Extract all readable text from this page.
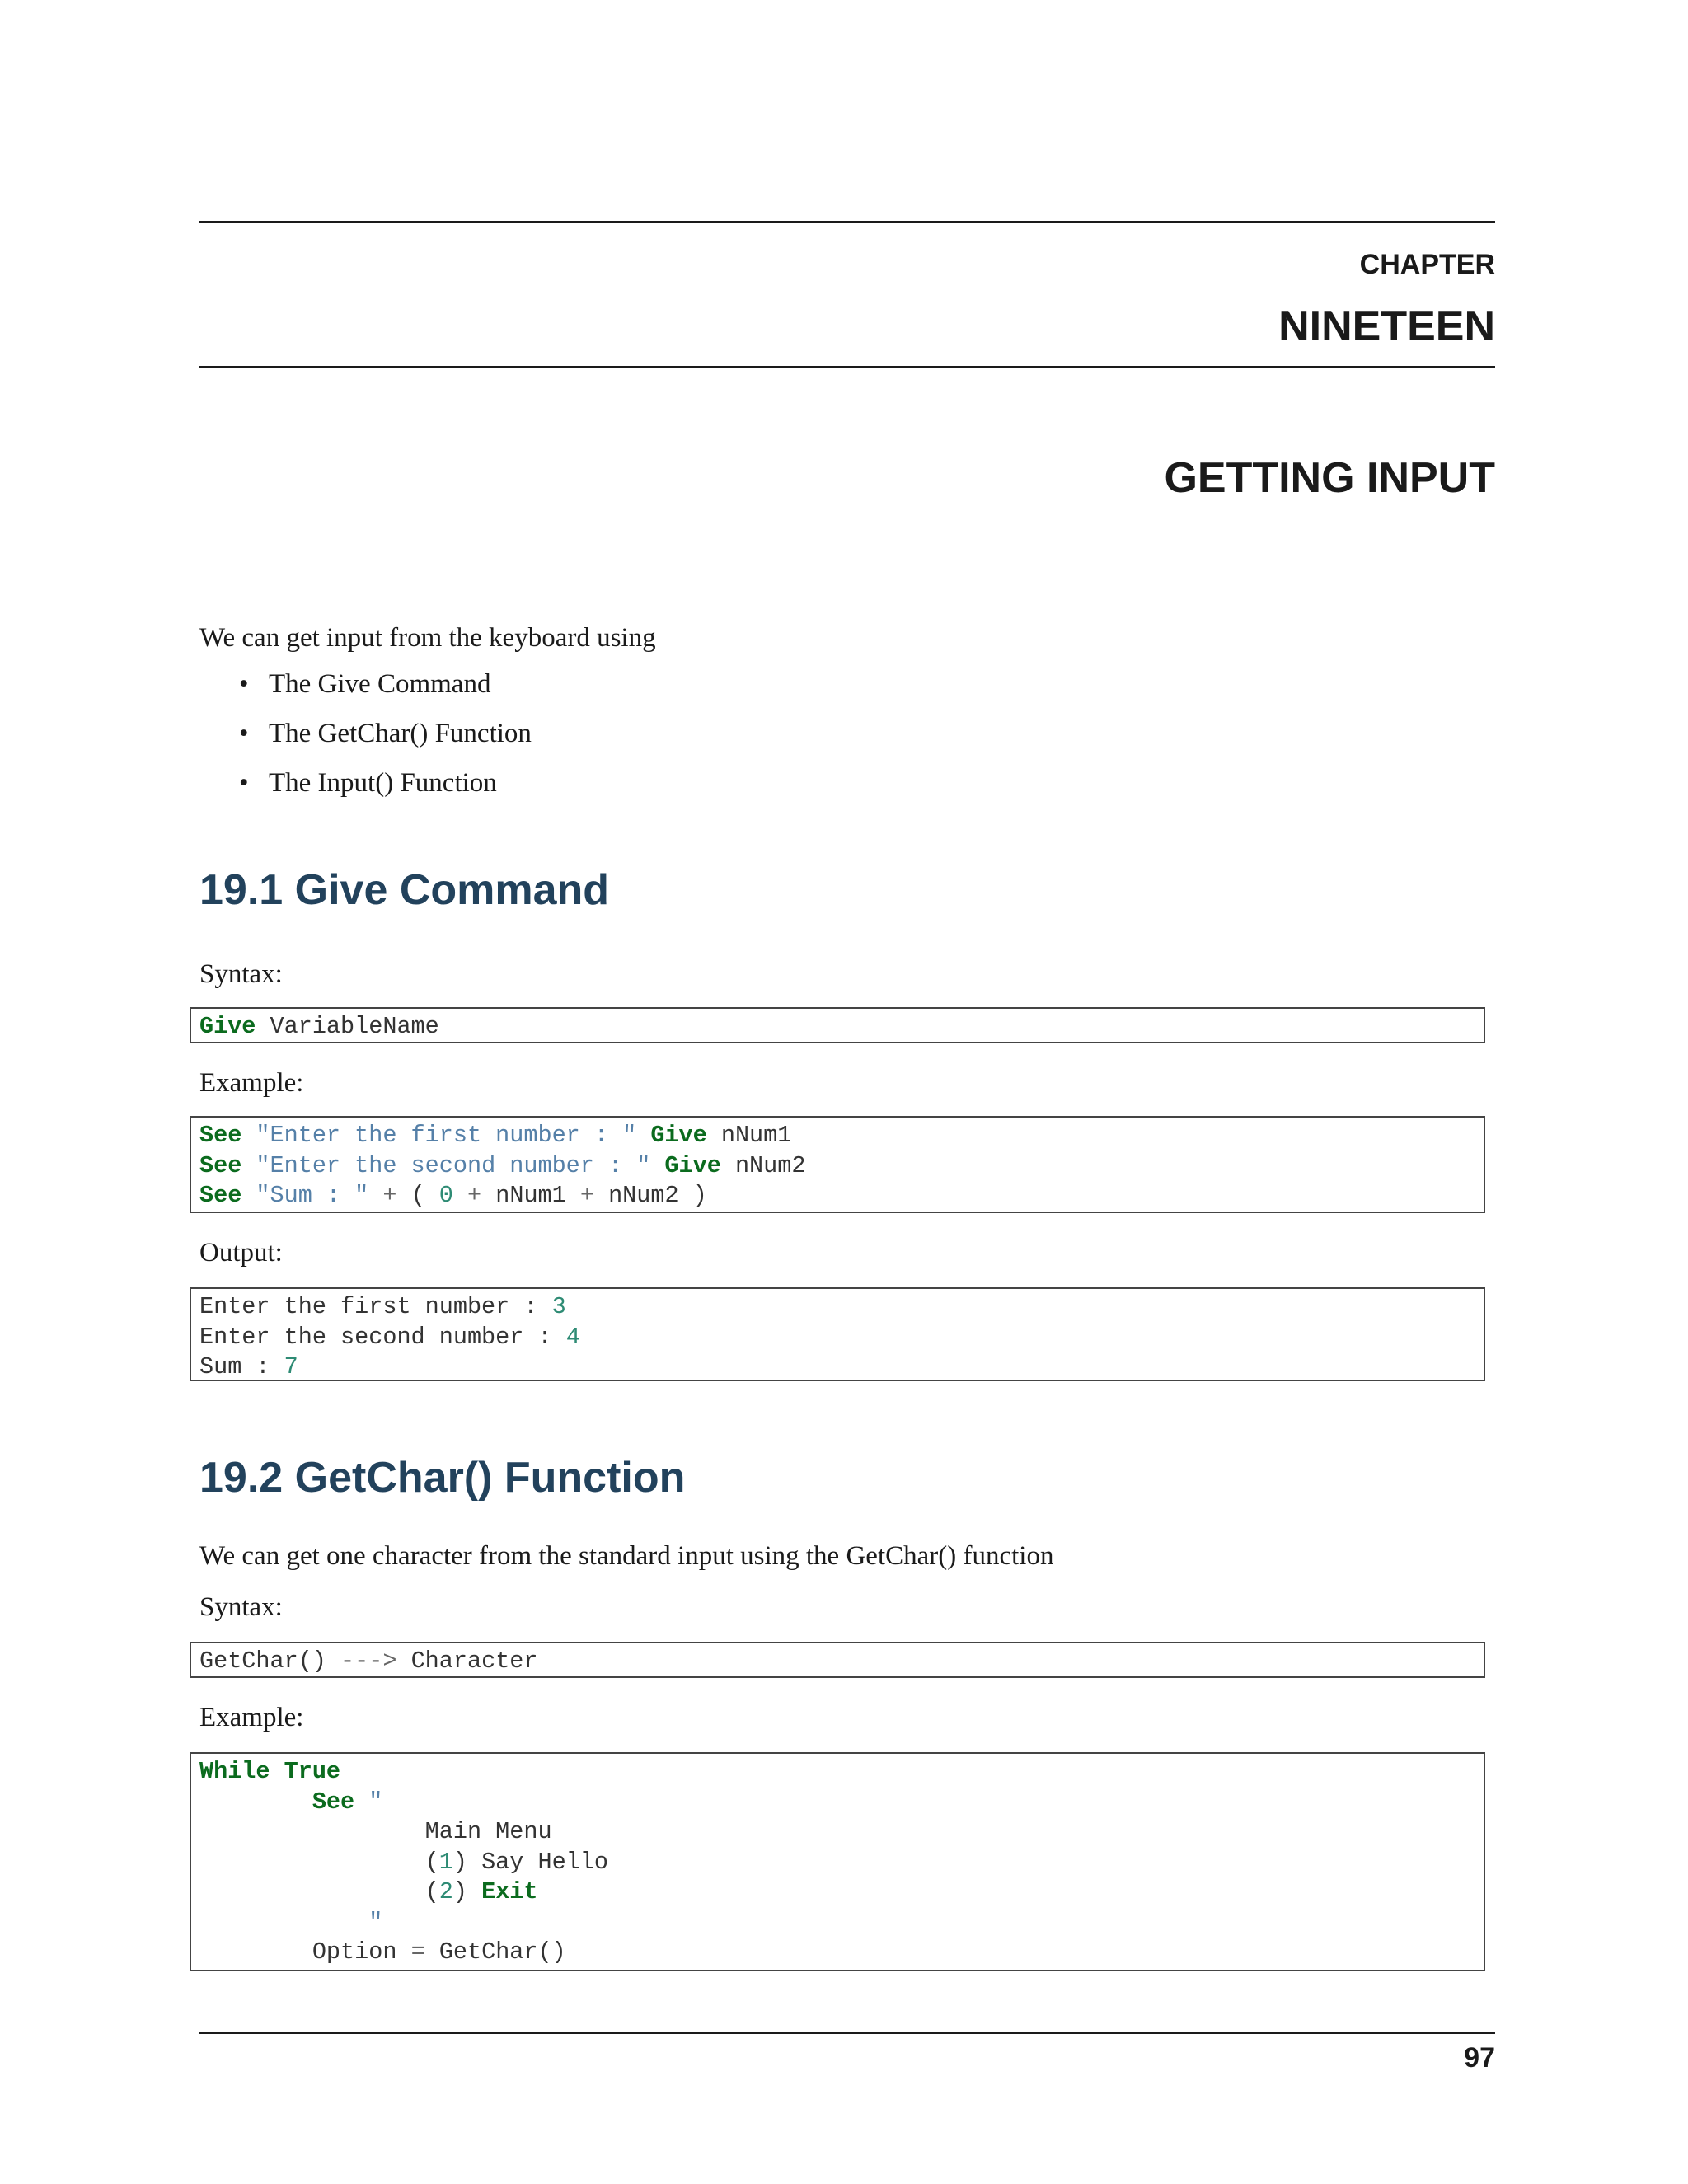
CHAPTER
NINETEEN
GETTING INPUT
We can get input from the keyboard using
• The Give Command
• The GetChar() Function
• The Input() Function
19.1 Give Command
Syntax:
Give VariableName
Example:
See "Enter the first number : " Give nNum1
See "Enter the second number : " Give nNum2
See "Sum : " + ( 0 + nNum1 + nNum2 )
Output:
Enter the first number : 3
Enter the second number : 4
Sum : 7
19.2 GetChar() Function
We can get one character from the standard input using the GetChar() function
Syntax:
GetChar() ---> Character
Example:
While True
See "
Main Menu
(1) Say Hello
(2) Exit
"
Option = GetChar()
97
